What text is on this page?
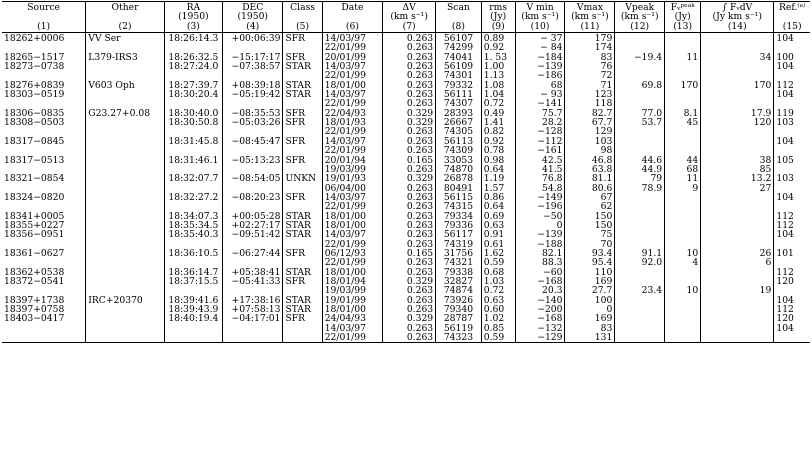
Source	Other	RA	DEC	Class	Date	ΔV	Scan	rms	V min	Vmax	Vpeak	Fᵥᵖᵉᵃᵏ	∫ FᵥdV	Ref.⁽ᵃ⁾
		(1950)	(1950)			(km s⁻¹)		(Jy)	(km s⁻¹)	(km s⁻¹)	(km s⁻¹)	(Jy)	(Jy km s⁻¹)	
(1)	(2)	(3)	(4)	(5)	(6)	(7)	(8)	(9)	(10)	(11)	(12)	(13)	(14)	(15)
18262+0006	VV Ser	18:26:14.3	+00:06:39	SFR	14/03/97	0.263	56107	0.89	− 37	179				104
					22/01/99	0.263	74299	0.92	− 84	174				
18265−1517	L379-IRS3	18:26:32.5	−15:17:17	SFR	20/01/99	0.263	74041	1. 53	−184	83	−19.4	11	34	100
18273−0738		18:27:24.0	−07:38:57	STAR	14/03/97	0.263	56109	1.00	−139	76				104
					22/01/99	0.263	74301	1.13	−186	72				
18276+0839	V603 Oph	18:27:39.7	+08:39:18	STAR	18/01/00	0.263	79332	1.08	68	71	69.8	170	170	112
18303−0519		18:30:20.4	−05:19:42	STAR	14/03/97	0.263	56111	1.04	− 93	123				104
					22/01/99	0.263	74307	0.72	−141	118				
18306−0835	G23.27+0.08	18:30:40.0	−08:35:53	SFR	22/04/93	0.329	28393	0.49	75.7	82.7	77.0	8.1	17.9	119
18308−0503		18:30:50.8	−05:03:26	SFR	18/01/93	0.329	26667	1.41	28.2	67.7	53.7	45	120	103
					22/01/99	0.263	74305	0.82	−128	129				
18317−0845		18:31:45.8	−08:45:47	SFR	14/03/97	0.263	56113	0.92	−112	103				104
					22/01/99	0.263	74309	0.78	−161	98				
18317−0513		18:31:46.1	−05:13:23	SFR	20/01/94	0.165	33053	0.98	42.5	46.8	44.6	44	38	105
					19/03/99	0.263	74870	0.64	41.5	63.8	44.9	68	85	
18321−0854		18:32:07.7	−08:54:05	UNKN	19/01/93	0.329	26878	1.19	76.8	81.1	79	11	13.2	103
					06/04/00	0.263	80491	1.57	54.8	80.6	78.9	9	27	
18324−0820		18:32:27.2	−08:20:23	SFR	14/03/97	0.263	56115	0.86	−149	67				104
					22/01/99	0.263	74315	0.64	−196	62				
18341+0005		18:34:07.3	+00:05:28	STAR	18/01/00	0.263	79334	0.69	−50	150				112
18355+0227		18:35:34.5	+02:27:17	STAR	18/01/00	0.263	79336	0.63	0	150				112
18356−0951		18:35:40.3	−09:51:42	STAR	14/03/97	0.263	56117	0.91	−139	75				104
					22/01/99	0.263	74319	0.61	−188	70				
18361−0627		18:36:10.5	−06:27:44	SFR	06/12/93	0.165	31756	1.62	82.1	93.4	91.1	10	26	101
					22/01/99	0.263	74321	0.59	88.3	95.4	92.0	4	6	
18362+0538		18:36:14.7	+05:38:41	STAR	18/01/00	0.263	79338	0.68	−60	110				112
18372−0541		18:37:15.5	−05:41:33	SFR	18/01/94	0.329	32827	1.03	−168	169				120
					19/03/99	0.263	74874	0.72	20.3	27.7	23.4	10	19	
18397+1738	IRC+20370	18:39:41.6	+17:38:16	STAR	19/01/99	0.263	73926	0.63	−140	100				104
18397+0758		18:39:43.9	+07:58:13	STAR	18/01/00	0.263	79340	0.60	−200	0				112
18403−0417		18:40:19.4	−04:17:01	SFR	24/04/93	0.329	28787	1.02	−168	169				120
					14/03/97	0.263	56119	0.85	−132	83				104
					22/01/99	0.263	74323	0.59	−129	131				
